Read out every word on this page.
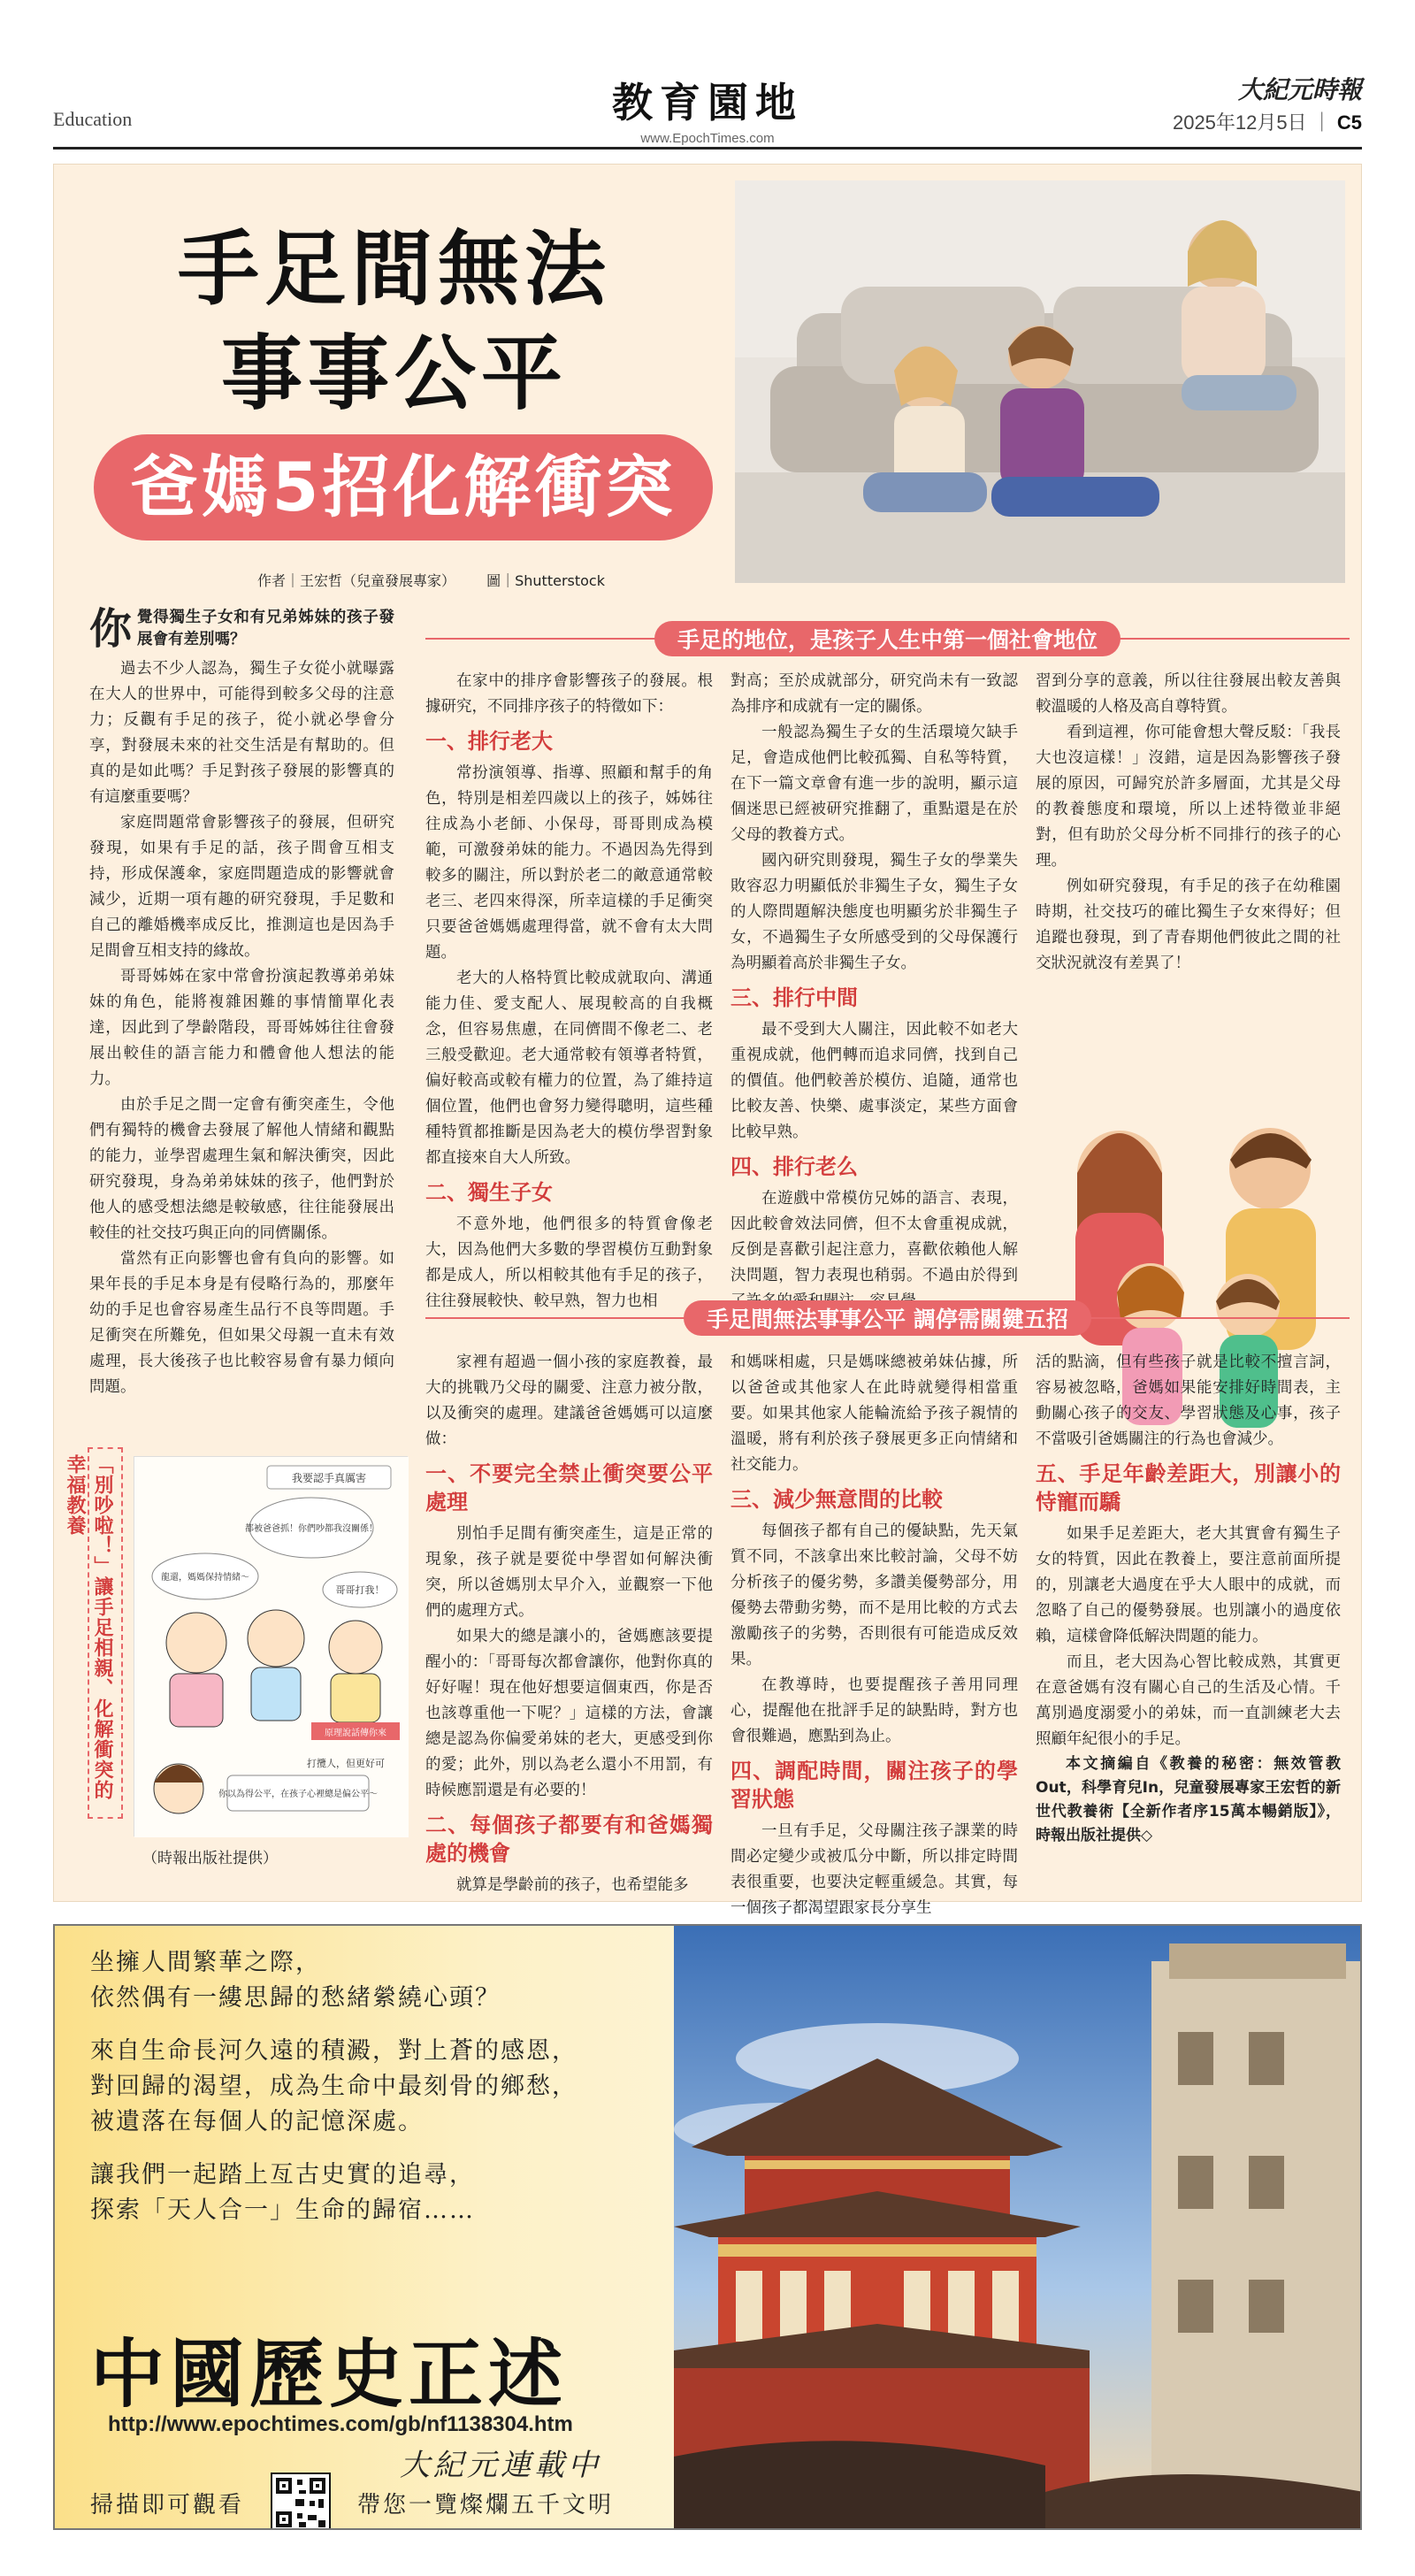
Education	教育園地
www.EpochTimes.com
大紀元時報
2025年12月5日 ｜ C5
手足間無法
事事公平
爸媽5招化解衝突
作者｜王宏哲（兒童發展專家） 圖｜Shutterstock
你 覺得獨生子女和有兄弟姊妹的孩子發展會有差別嗎？

過去不少人認為，獨生子女從小就曝露在大人的世界中，可能得到較多父母的注意力；反觀有手足的孩子，從小就必學會分享，對發展未來的社交生活是有幫助的。但真的是如此嗎？手足對孩子發展的影響真的有這麼重要嗎？

家庭問題常會影響孩子的發展，但研究發現，如果有手足的話，孩子間會互相支持，形成保護傘，家庭問題造成的影響就會減少，近期一項有趣的研究發現，手足數和自己的離婚機率成反比，推測這也是因為手足間會互相支持的緣故。

哥哥姊姊在家中常會扮演起教導弟弟妹妹的角色，能將複雜困難的事情簡單化表達，因此到了學齡階段，哥哥姊姊往往會發展出較佳的語言能力和體會他人想法的能力。

由於手足之間一定會有衝突產生，令他們有獨特的機會去發展了解他人情緒和觀點的能力，並學習處理生氣和解決衝突，因此研究發現，身為弟弟妹妹的孩子，他們對於他人的感受想法總是較敏感，往往能發展出較佳的社交技巧與正向的同儕關係。

當然有正向影響也會有負向的影響。如果年長的手足本身是有侵略行為的，那麼年幼的手足也會容易產生品行不良等問題。手足衝突在所難免，但如果父母親一直未有效處理，長大後孩子也比較容易會有暴力傾向問題。

手足的地位，是孩子人生中第一個社會地位

在家中的排序會影響孩子的發展。根據研究，不同排序孩子的特徵如下：

一、排行老大

常扮演領導、指導、照顧和幫手的角色，特別是相差四歲以上的孩子，姊姊往往成為小老師、小保母，哥哥則成為模範，可激發弟妹的能力。不過因為先得到較多的關注，所以對於老二的敵意通常較老三、老四來得深，所幸這樣的手足衝突只要爸爸媽媽處理得當，就不會有太大問題。

老大的人格特質比較成就取向、溝通能力佳、愛支配人、展現較高的自我概念，但容易焦慮，在同儕間不像老二、老三般受歡迎。老大通常較有領導者特質，偏好較高或較有權力的位置，為了維持這個位置，他們也會努力變得聰明，這些種種特質都推斷是因為老大的模仿學習對象都直接來自大人所致。

二、獨生子女

不意外地，他們很多的特質會像老大，因為他們大多數的學習模仿互動對象都是成人，所以相較其他有手足的孩子，往往發展較快、較早熟，智力也相

對高；至於成就部分，研究尚未有一致認為排序和成就有一定的關係。

一般認為獨生子女的生活環境欠缺手足，會造成他們比較孤獨、自私等特質，在下一篇文章會有進一步的說明，顯示這個迷思已經被研究推翻了，重點還是在於父母的教養方式。

國內研究則發現，獨生子女的學業失敗容忍力明顯低於非獨生子女，獨生子女的人際問題解決態度也明顯劣於非獨生子女，不過獨生子女所感受到的父母保護行為明顯着高於非獨生子女。

三、排行中間

最不受到大人關注，因此較不如老大重視成就，他們轉而追求同儕，找到自己的價值。他們較善於模仿、追隨，通常也比較友善、快樂、處事淡定，某些方面會比較早熟。

四、排行老么

在遊戲中常模仿兄姊的語言、表現，因此較會效法同儕，但不太會重視成就，反倒是喜歡引起注意力，喜歡依賴他人解決問題，智力表現也稍弱。不過由於得到

習到分享的意義，所以往往發展出較友善與較溫暖的人格及高自尊特質。

看到這裡，你可能會想大聲反駁：「我長大也沒這樣！」沒錯，這是因為影響孩子發展的原因，可歸究於許多層面，尤其是父母的教養態度和環境，所以上述特徵並非絕對，但有助於父母分析不同排行的孩子的心理。

例如研究發現，有手足的孩子在幼稚園時期，社交技巧的確比獨生子女來得好；但追蹤也發現，到了青春期他們彼此之間的社交狀況就沒有差異了！

手足間無法事事公平 調停需關鍵五招

家裡有超過一個小孩的家庭教養，最大的挑戰乃父母的關愛、注意力被分散，以及衝突的處理。建議爸爸媽媽可以這麼做：

一、不要完全禁止衝突要公平處理

別怕手足間有衝突產生，這是正常的現象，孩子就是要從中學習如何解決衝突，所以爸媽別太早介入，並觀察一下他們的處理方式。

如果大的總是讓小的，爸媽應該要提醒小的：「哥哥每次都會讓你，他對你真的好好喔！現在他好想要這個東西，你是否也該尊重他一下呢？」這樣的方法，會讓總是認為你偏愛弟妹的老大，更感受到你的愛；此外，別以為老么還小不用罰，有時候應罰還是有必要的！

二、每個孩子都要有和爸媽獨處的機會

就算是學齡前的孩子，也希望能多

和媽咪相處，只是媽咪總被弟妹佔據，所以爸爸或其他家人在此時就變得相當重要。如果其他家人能輪流給予孩子親情的溫暖，將有利於孩子發展更多正向情緒和社交能力。

三、減少無意間的比較

每個孩子都有自己的優缺點，先天氣質不同，不該拿出來比較討論，父母不妨分析孩子的優劣勢，多讚美優勢部分，用優勢去帶動劣勢，而不是用比較的方式去激勵孩子的劣勢，否則很有可能造成反效果。

在教導時，也要提醒孩子善用同理心，提醒他在批評手足的缺點時，對方也會很難過，應點到為止。

四、調配時間，關注孩子的學習狀態

一旦有手足，父母關注孩子課業的時間必定變少或被瓜分中斷，所以排定時間表很重要，也要決定輕重緩急。其實，每一個孩子都渴望跟家長分享生

活的點滴，但有些孩子就是比較不擅言詞，容易被忽略，爸媽如果能安排好時間表，主動關心孩子的交友、學習狀態及心事，孩子不當吸引爸媽關注的行為也會減少。

五、手足年齡差距大，別讓小的恃寵而驕

如果手足差距大，老大其實會有獨生子女的特質，因此在教養上，要注意前面所提的，別讓老大過度在乎大人眼中的成就，而忽略了自己的優勢發展。也別讓小的過度依賴，這樣會降低解決問題的能力。

而且，老大因為心智比較成熟，其實更在意爸媽有沒有關心自己的生活及心情。千萬別過度溺愛小的弟妹，而一直訓練老大去照顧年紀很小的手足。

本文摘編自《教養的秘密：無效管教Out，科學育兒In，兒童發展專家王宏哲的新世代教養術【全新作者序15萬本暢銷版】》，時報出版社提供◇

「別吵啦！」讓手足相親、化解衝突的幸福教養	我要認手真厲害
都被爸爸抓！你們吵都我沒關係！
龍還，媽媽保持情緒～
哥哥打我！
原理說話傳你來
打攬人，但更好可
你以為得公平，在孩子心裡總是偏公平～
（時報出版社提供）
坐擁人間繁華之際，
依然偶有一縷思歸的愁緒縈繞心頭？
來自生命長河久遠的積澱，對上蒼的感恩，
對回歸的渴望，成為生命中最刻骨的鄉愁，
被遺落在每個人的記憶深處。
讓我們一起踏上亙古史實的追尋，
探索「天人合一」生命的歸宿……
中國歷史正述
http://www.epochtimes.com/gb/nf1138304.htm
大紀元連載中
掃描即可觀看	帶您一覽燦爛五千文明
